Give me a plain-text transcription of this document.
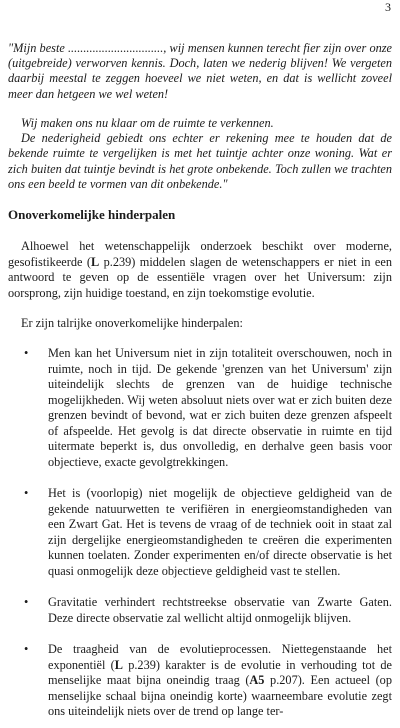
3

"Mijn beste ..............................., wij mensen kunnen terecht fier zijn over onze (uitgebreide) verworven kennis. Doch, laten we nederig blijven! We vergeten daarbij meestal te zeggen hoeveel we niet weten, en dat is wellicht zoveel meer dan hetgeen we wel weten!

Wij maken ons nu klaar om de ruimte te verkennen.

De nederigheid gebiedt ons echter er rekening mee te houden dat de bekende ruimte te vergelijken is met het tuintje achter onze woning. Wat er zich buiten dat tuintje bevindt is het grote onbekende. Toch zullen we trachten ons een beeld te vormen van dit onbekende."

Onoverkomelijke hinderpalen

Alhoewel het wetenschappelijk onderzoek beschikt over moderne, gesofistikeerde (L p.239) middelen slagen de wetenschappers er niet in een antwoord te geven op de essentiële vragen over het Universum: zijn oorsprong, zijn huidige toestand, en zijn toekomstige evolutie.

Er zijn talrijke onoverkomelijke hinderpalen:

• Men kan het Universum niet in zijn totaliteit overschouwen, noch in ruimte, noch in tijd. De gekende 'grenzen van het Universum' zijn uiteindelijk slechts de grenzen van de huidige technische mogelijkheden. Wij weten absoluut niets over wat er zich buiten deze grenzen bevindt of bevond, wat er zich buiten deze grenzen afspeelt of afspeelde. Het gevolg is dat directe observatie in ruimte en tijd uitermate beperkt is, dus onvolledig, en derhalve geen basis voor objectieve, exacte gevolgtrekkingen.
• Het is (voorlopig) niet mogelijk de objectieve geldigheid van de gekende natuurwetten te verifiëren in energieomstandigheden van een Zwart Gat. Het is tevens de vraag of de techniek ooit in staat zal zijn dergelijke energieomstandigheden te creëren die experimenten kunnen toelaten. Zonder experimenten en/of directe observatie is het quasi onmogelijk deze objectieve geldigheid vast te stellen.
• Gravitatie verhindert rechtstreekse observatie van Zwarte Gaten. Deze directe observatie zal wellicht altijd onmogelijk blijven.
• De traagheid van de evolutieprocessen. Niettegenstaande het exponentiël (L p.239) karakter is de evolutie in verhouding tot de menselijke maat bijna oneindig traag (A5 p.207). Een actueel (op menselijke schaal bijna oneindig korte) waarneembare evolutie zegt ons uiteindelijk niets over de trend op lange ter-
